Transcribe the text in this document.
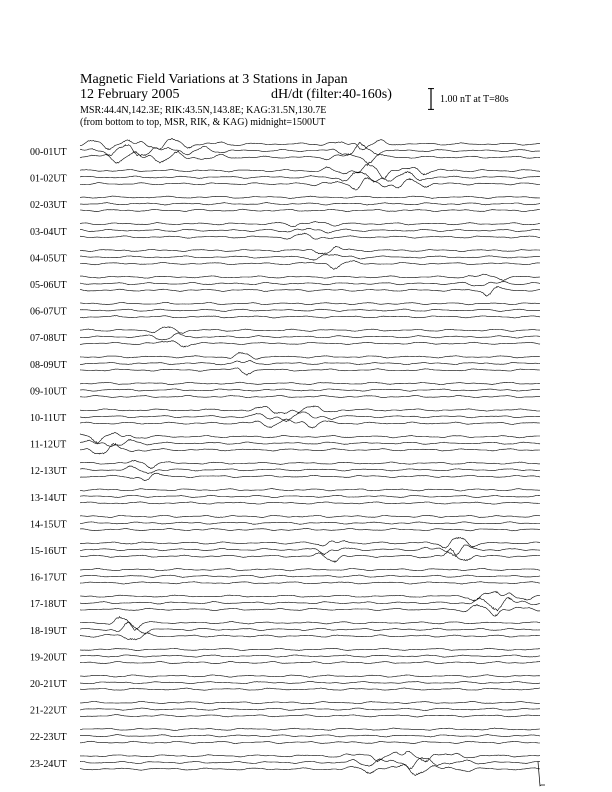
Magnetic Field Variations at 3 Stations in Japan
12 February 2005	dH/dt (filter:40-160s)
MSR:44.4N,142.3E; RIK:43.5N,143.8E; KAG:31.5N,130.7E
(from bottom to top, MSR, RIK, & KAG) midnight=1500UT
1.00 nT at T=80s
00-01UT
01-02UT
02-03UT
03-04UT
04-05UT
05-06UT
06-07UT
07-08UT
08-09UT
09-10UT
10-11UT
11-12UT
12-13UT
13-14UT
14-15UT
15-16UT
16-17UT
17-18UT
18-19UT
19-20UT
20-21UT
21-22UT
22-23UT
23-24UT
